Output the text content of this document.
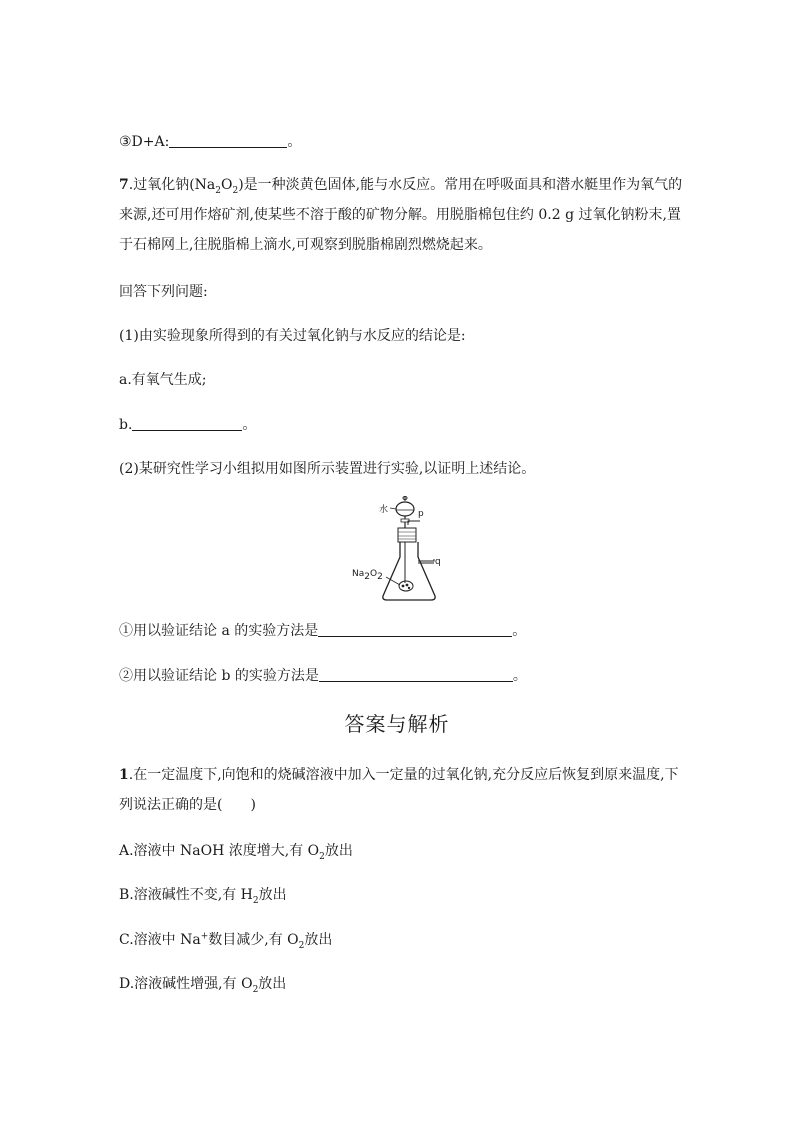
③D+A:	。
7.过氧化钠$(Na_2O_2)$是一种淡黄色固体,能与水反应。常用在呼吸面具和潜水艇里作为氧气的
来源,还可用作熔矿剂,使某些不溶于酸的矿物分解。用脱脂棉包住约 0.2 g 过氧化钠粉末,置
于石棉网上,往脱脂棉上滴水,可观察到脱脂棉剧烈燃烧起来。
回答下列问题:
(1)由实验现象所得到的有关过氧化钠与水反应的结论是:
a.有氧气生成;
b.	。
(2)某研究性学习小组拟用如图所示装置进行实验,以证明上述结论。
水	p
q
$Na_2O_2$
①用以验证结论 a 的实验方法是	。
②用以验证结论 b 的实验方法是	。
答案与解析
1.在一定温度下,向饱和的烧碱溶液中加入一定量的过氧化钠,充分反应后恢复到原来温度,下
列说法正确的是(　　)
A.溶液中 NaOH 浓度增大,有 $O_2$放出
B.溶液碱性不变,有 $H_2$放出
C.溶液中 Na+数目减少,有 $O_2$放出
D.溶液碱性增强,有 $O_2$放出
